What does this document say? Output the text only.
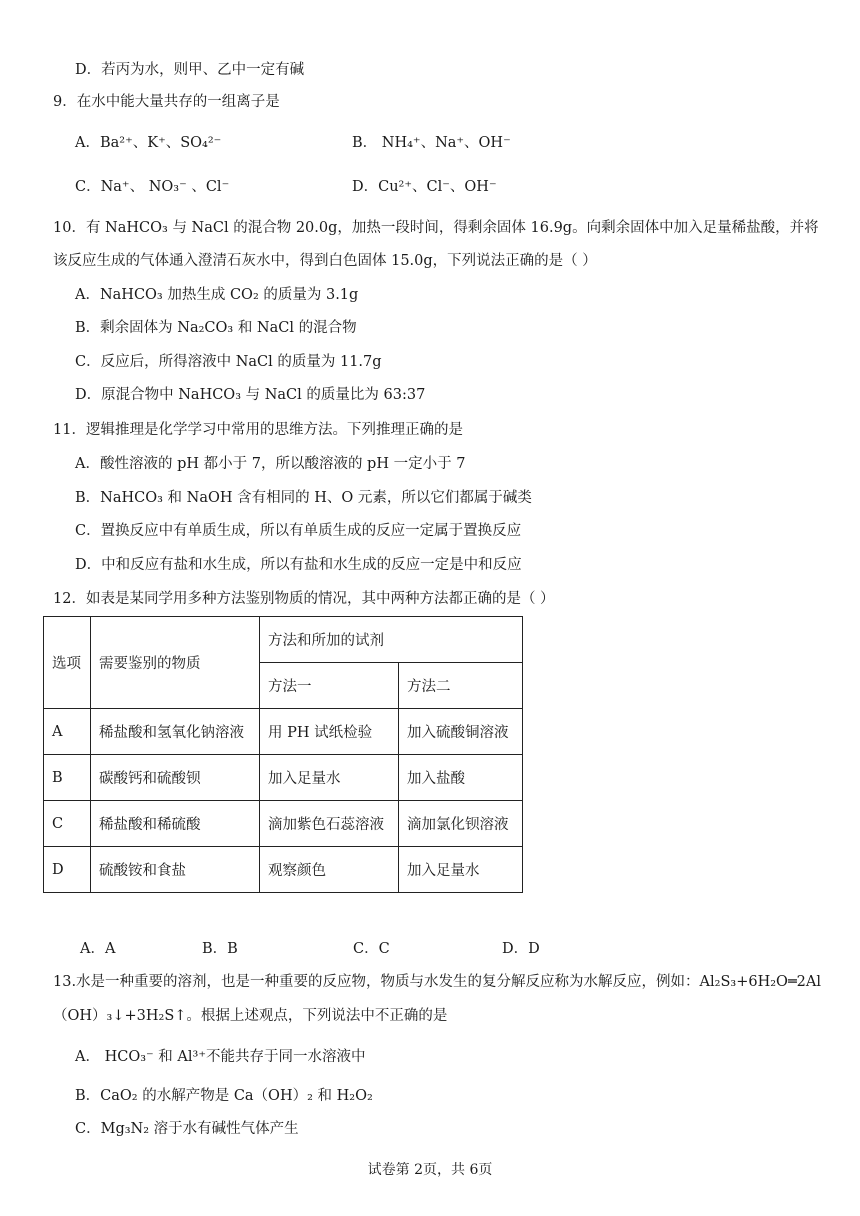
D．若丙为水，则甲、乙中一定有碱
9．在水中能大量共存的一组离子是
A．Ba²⁺、K⁺、SO₄²⁻	B． NH₄⁺、Na⁺、OH⁻
C．Na⁺、 NO₃⁻ 、Cl⁻	D．Cu²⁺、Cl⁻、OH⁻
10．有 NaHCO₃ 与 NaCl 的混合物 20.0g，加热一段时间，得剩余固体 16.9g。向剩余固体中加入足量稀盐酸，并将
该反应生成的气体通入澄清石灰水中，得到白色固体 15.0g，下列说法正确的是（ ）
A．NaHCO₃ 加热生成 CO₂ 的质量为 3.1g
B．剩余固体为 Na₂CO₃ 和 NaCl 的混合物
C．反应后，所得溶液中 NaCl 的质量为 11.7g
D．原混合物中 NaHCO₃ 与 NaCl 的质量比为 63:37
11．逻辑推理是化学学习中常用的思维方法。下列推理正确的是
A．酸性溶液的 pH 都小于 7，所以酸溶液的 pH 一定小于 7
B．NaHCO₃ 和 NaOH 含有相同的 H、O 元素，所以它们都属于碱类
C．置换反应中有单质生成，所以有单质生成的反应一定属于置换反应
D．中和反应有盐和水生成，所以有盐和水生成的反应一定是中和反应
12．如表是某同学用多种方法鉴别物质的情况，其中两种方法都正确的是（ ）
选项	需要鉴别的物质	方法和所加的试剂	
		方法一	方法二
A	稀盐酸和氢氧化钠溶液	用 PH 试纸检验	加入硫酸铜溶液
B	碳酸钙和硫酸钡	加入足量水	加入盐酸
C	稀盐酸和稀硫酸	滴加紫色石蕊溶液	滴加氯化钡溶液
D	硫酸铵和食盐	观察颜色	加入足量水
A．A	B．B	C．C	D．D
13.水是一种重要的溶剂，也是一种重要的反应物，物质与水发生的复分解反应称为水解反应，例如：Al₂S₃+6H₂O═2Al
（OH）₃↓+3H₂S↑。根据上述观点，下列说法中不正确的是
A． HCO₃⁻ 和 Al³⁺不能共存于同一水溶液中
B．CaO₂ 的水解产物是 Ca（OH）₂ 和 H₂O₂
C．Mg₃N₂ 溶于水有碱性气体产生
试卷第 2页，共 6页
